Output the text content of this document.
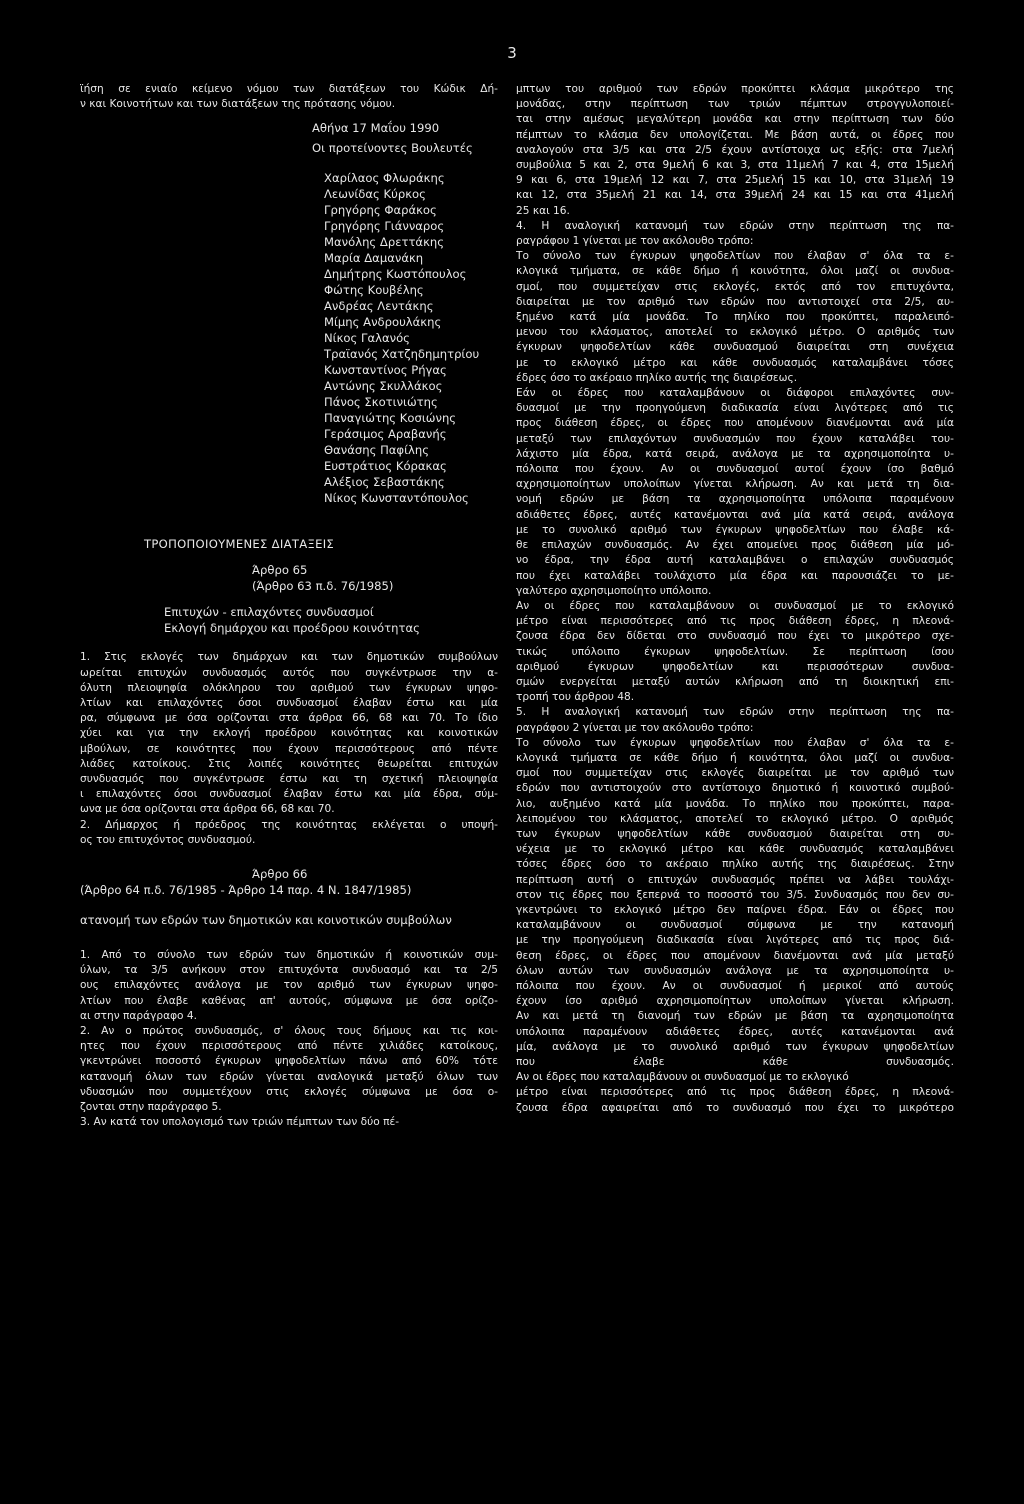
3
ϊήση σε ενιαίο κείμενο νόμου των διατάξεων του Κώδικ Δή-
ν και Κοινοτήτων και των διατάξεων της πρότασης νόμου.
Αθήνα 17 Μαΐου 1990
Οι προτείνοντες Βουλευτές
Χαρίλαος Φλωράκης
Λεωνίδας Κύρκος
Γρηγόρης Φαράκος
Γρηγόρης Γιάνναρος
Μανόλης Δρεττάκης
Μαρία Δαμανάκη
Δημήτρης Κωστόπουλος
Φώτης Κουβέλης
Ανδρέας Λεντάκης
Μίμης Ανδρουλάκης
Νίκος Γαλανός
Τραϊανός Χατζηδημητρίου
Κωνσταντίνος Ρήγας
Αντώνης Σκυλλάκος
Πάνος Σκοτινιώτης
Παναγιώτης Κοσιώνης
Γεράσιμος Αραβανής
Θανάσης Παφίλης
Ευστράτιος Κόρακας
Αλέξιος Σεβαστάκης
Νίκος Κωνσταντόπουλος
ΤΡΟΠΟΠΟΙΟΥΜΕΝΕΣ ΔΙΑΤΑΞΕΙΣ
Άρθρο 65
(Άρθρο 63 π.δ. 76/1985)
Επιτυχών - επιλαχόντες συνδυασμοί
Εκλογή δημάρχου και προέδρου κοινότητας
1. Στις εκλογές των δημάρχων και των δημοτικών συμβούλων
ωρείται επιτυχών συνδυασμός αυτός που συγκέντρωσε την α-
όλυτη πλειοψηφία ολόκληρου του αριθμού των έγκυρων ψηφο-
λτίων και επιλαχόντες όσοι συνδυασμοί έλαβαν έστω και μία
ρα, σύμφωνα με όσα ορίζονται στα άρθρα 66, 68 και 70. Το ίδιο
χύει και για την εκλογή προέδρου κοινότητας και κοινοτικών
μβούλων, σε κοινότητες που έχουν περισσότερους από πέντε
λιάδες κατοίκους. Στις λοιπές κοινότητες θεωρείται επιτυχών
συνδυασμός που συγκέντρωσε έστω και τη σχετική πλειοψηφία
ι επιλαχόντες όσοι συνδυασμοί έλαβαν έστω και μία έδρα, σύμ-
ωνα με όσα ορίζονται στα άρθρα 66, 68 και 70.
2. Δήμαρχος ή πρόεδρος της κοινότητας εκλέγεται ο υποψή-
ος του επιτυχόντος συνδυασμού.
Άρθρο 66
(Άρθρο 64 π.δ. 76/1985 - Άρθρο 14 παρ. 4 Ν. 1847/1985)
ατανομή των εδρών των δημοτικών και κοινοτικών συμβούλων
1. Από το σύνολο των εδρών των δημοτικών ή κοινοτικών συμ-
ύλων, τα 3/5 ανήκουν στον επιτυχόντα συνδυασμό και τα 2/5
ους επιλαχόντες ανάλογα με τον αριθμό των έγκυρων ψηφο-
λτίων που έλαβε καθένας απ' αυτούς, σύμφωνα με όσα ορίζο-
αι στην παράγραφο 4.
2. Αν ο πρώτος συνδυασμός, σ' όλους τους δήμους και τις κοι-
ητες που έχουν περισσότερους από πέντε χιλιάδες κατοίκους,
γκεντρώνει ποσοστό έγκυρων ψηφοδελτίων πάνω από 60% τότε
κατανομή όλων των εδρών γίνεται αναλογικά μεταξύ όλων των
νδυασμών που συμμετέχουν στις εκλογές σύμφωνα με όσα ο-
ζονται στην παράγραφο 5.
3. Αν κατά τον υπολογισμό των τριών πέμπτων των δύο πέ-
μπτων του αριθμού των εδρών προκύπτει κλάσμα μικρότερο της
μονάδας, στην περίπτωση των τριών πέμπτων στρογγυλοποιεί-
ται στην αμέσως μεγαλύτερη μονάδα και στην περίπτωση των δύο
πέμπτων το κλάσμα δεν υπολογίζεται. Με βάση αυτά, οι έδρες που
αναλογούν στα 3/5 και στα 2/5 έχουν αντίστοιχα ως εξής: στα 7μελή
συμβούλια 5 και 2, στα 9μελή 6 και 3, στα 11μελή 7 και 4, στα 15μελή
9 και 6, στα 19μελή 12 και 7, στα 25μελή 15 και 10, στα 31μελή 19
και 12, στα 35μελή 21 και 14, στα 39μελή 24 και 15 και στα 41μελή
25 και 16.
4. Η αναλογική κατανομή των εδρών στην περίπτωση της πα-
ραγράφου 1 γίνεται με τον ακόλουθο τρόπο:
Το σύνολο των έγκυρων ψηφοδελτίων που έλαβαν σ' όλα τα ε-
κλογικά τμήματα, σε κάθε δήμο ή κοινότητα, όλοι μαζί οι συνδυα-
σμοί, που συμμετείχαν στις εκλογές, εκτός από τον επιτυχόντα,
διαιρείται με τον αριθμό των εδρών που αντιστοιχεί στα 2/5, αυ-
ξημένο κατά μία μονάδα. Το πηλίκο που προκύπτει, παραλειπό-
μενου του κλάσματος, αποτελεί το εκλογικό μέτρο. Ο αριθμός των
έγκυρων ψηφοδελτίων κάθε συνδυασμού διαιρείται στη συνέχεια
με το εκλογικό μέτρο και κάθε συνδυασμός καταλαμβάνει τόσες
έδρες όσο το ακέραιο πηλίκο αυτής της διαιρέσεως.
Εάν οι έδρες που καταλαμβάνουν οι διάφοροι επιλαχόντες συν-
δυασμοί με την προηγούμενη διαδικασία είναι λιγότερες από τις
προς διάθεση έδρες, οι έδρες που απομένουν διανέμονται ανά μία
μεταξύ των επιλαχόντων συνδυασμών που έχουν καταλάβει του-
λάχιστο μία έδρα, κατά σειρά, ανάλογα με τα αχρησιμοποίητα υ-
πόλοιπα που έχουν. Αν οι συνδυασμοί αυτοί έχουν ίσο βαθμό
αχρησιμοποίητων υπολοίπων γίνεται κλήρωση. Αν και μετά τη δια-
νομή εδρών με βάση τα αχρησιμοποίητα υπόλοιπα παραμένουν
αδιάθετες έδρες, αυτές κατανέμονται ανά μία κατά σειρά, ανάλογα
με το συνολικό αριθμό των έγκυρων ψηφοδελτίων που έλαβε κά-
θε επιλαχών συνδυασμός. Αν έχει απομείνει προς διάθεση μία μό-
νο έδρα, την έδρα αυτή καταλαμβάνει ο επιλαχών συνδυασμός
που έχει καταλάβει τουλάχιστο μία έδρα και παρουσιάζει το με-
γαλύτερο αχρησιμοποίητο υπόλοιπο.
Αν οι έδρες που καταλαμβάνουν οι συνδυασμοί με το εκλογικό
μέτρο είναι περισσότερες από τις προς διάθεση έδρες, η πλεονά-
ζουσα έδρα δεν δίδεται στο συνδυασμό που έχει το μικρότερο σχε-
τικώς υπόλοιπο έγκυρων ψηφοδελτίων. Σε περίπτωση ίσου
αριθμού έγκυρων ψηφοδελτίων και περισσότερων συνδυα-
σμών ενεργείται μεταξύ αυτών κλήρωση από τη διοικητική επι-
τροπή του άρθρου 48.
5. Η αναλογική κατανομή των εδρών στην περίπτωση της πα-
ραγράφου 2 γίνεται με τον ακόλουθο τρόπο:
Το σύνολο των έγκυρων ψηφοδελτίων που έλαβαν σ' όλα τα ε-
κλογικά τμήματα σε κάθε δήμο ή κοινότητα, όλοι μαζί οι συνδυα-
σμοί που συμμετείχαν στις εκλογές διαιρείται με τον αριθμό των
εδρών που αντιστοιχούν στο αντίστοιχο δημοτικό ή κοινοτικό συμβού-
λιο, αυξημένο κατά μία μονάδα. Το πηλίκο που προκύπτει, παρα-
λειπομένου του κλάσματος, αποτελεί το εκλογικό μέτρο. Ο αριθμός
των έγκυρων ψηφοδελτίων κάθε συνδυασμού διαιρείται στη συ-
νέχεια με το εκλογικό μέτρο και κάθε συνδυασμός καταλαμβάνει
τόσες έδρες όσο το ακέραιο πηλίκο αυτής της διαιρέσεως. Στην
περίπτωση αυτή ο επιτυχών συνδυασμός πρέπει να λάβει τουλάχι-
στον τις έδρες που ξεπερνά το ποσοστό του 3/5. Συνδυασμός που δεν συ-
γκεντρώνει το εκλογικό μέτρο δεν παίρνει έδρα. Εάν οι έδρες που
καταλαμβάνουν οι συνδυασμοί σύμφωνα με την κατανομή
με την προηγούμενη διαδικασία είναι λιγότερες από τις προς διά-
θεση έδρες, οι έδρες που απομένουν διανέμονται ανά μία μεταξύ
όλων αυτών των συνδυασμών ανάλογα με τα αχρησιμοποίητα υ-
πόλοιπα που έχουν. Αν οι συνδυασμοί ή μερικοί από αυτούς
έχουν ίσο αριθμό αχρησιμοποίητων υπολοίπων γίνεται κλήρωση.
Αν και μετά τη διανομή των εδρών με βάση τα αχρησιμοποίητα
υπόλοιπα παραμένουν αδιάθετες έδρες, αυτές κατανέμονται ανά
μία, ανάλογα με το συνολικό αριθμό των έγκυρων ψηφοδελτίων
που έλαβε κάθε συνδυασμός.
Αν οι έδρες που καταλαμβάνουν οι συνδυασμοί με το εκλογικό
μέτρο είναι περισσότερες από τις προς διάθεση έδρες, η πλεονά-
ζουσα έδρα αφαιρείται από το συνδυασμό που έχει το μικρότερο
